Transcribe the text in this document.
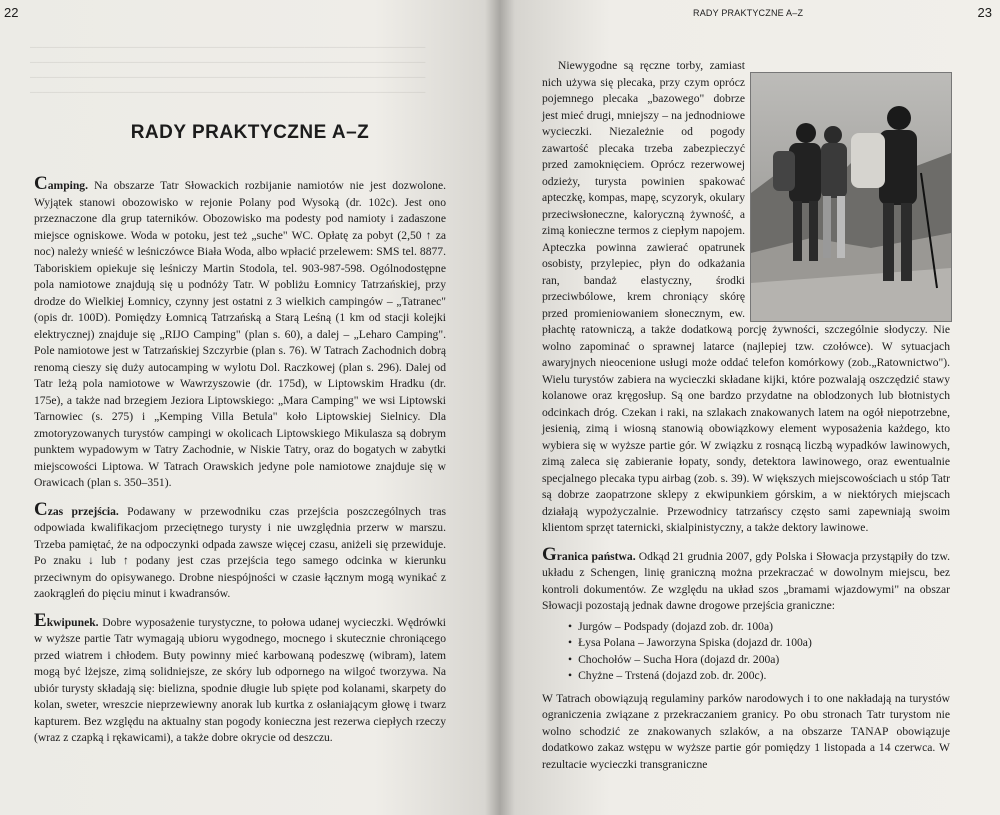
22
──────────────────────────────────────────────────────────────
──────────────────────────────────────────────────────────────
──────────────────────────────────────────────────────────────
──────────────────────────────────────────────────────────────
RADY PRAKTYCZNE A–Z

Camping. Na obszarze Tatr Słowackich rozbijanie namiotów nie jest dozwolone. Wyjątek stanowi obozowisko w rejonie Polany pod Wysoką (dr. 102c). Jest ono przeznaczone dla grup taterników. Obozowisko ma podesty pod namioty i zadaszone miejsce ogniskowe. Woda w potoku, jest też „suche" WC. Opłatę za pobyt (2,50 ↑ za noc) należy wnieść w leśniczówce Biała Woda, albo wpłacić przelewem: SMS tel. 8877. Taboriskiem opiekuje się leśniczy Martin Stodola, tel. 903-987-598. Ogólnodostępne pola namiotowe znajdują się u podnóży Tatr. W pobliżu Łomnicy Tatrzańskiej, przy drodze do Wielkiej Łomnicy, czynny jest ostatni z 3 wielkich campingów – „Tatranec" (opis dr. 100D). Pomiędzy Łomnicą Tatrzańską a Starą Leśną (1 km od stacji kolejki elektrycznej) znajduje się „RIJO Camping" (plan s. 60), a dalej – „Leharo Camping". Pole namiotowe jest w Tatrzańskiej Szczyrbie (plan s. 76). W Tatrach Zachodnich dobrą renomą cieszy się duży autocamping w wylotu Dol. Raczkowej (plan s. 296). Dalej od Tatr leżą pola namiotowe w Wawrzyszowie (dr. 175d), w Liptowskim Hradku (dr. 175e), a także nad brzegiem Jeziora Liptowskiego: „Mara Camping" we wsi Liptowski Tarnowiec (s. 275) i „Kemping Villa Betula" koło Liptowskiej Sielnicy. Dla zmotoryzowanych turystów campingi w okolicach Liptowskiego Mikulasza są dobrym punktem wypadowym w Tatry Zachodnie, w Niskie Tatry, oraz do bogatych w zabytki miejscowości Liptowa. W Tatrach Orawskich jedyne pole namiotowe znajduje się w Orawicach (plan s. 350–351).

Czas przejścia. Podawany w przewodniku czas przejścia poszczególnych tras odpowiada kwalifikacjom przeciętnego turysty i nie uwzględnia przerw w marszu. Trzeba pamiętać, że na odpoczynki odpada zawsze więcej czasu, aniżeli się przewiduje. Po znaku ↓ lub ↑ podany jest czas przejścia tego samego odcinka w kierunku przeciwnym do opisywanego. Drobne niespójności w czasie łącznym mogą wynikać z zaokrągleń do pięciu minut i kwadransów.

Ekwipunek. Dobre wyposażenie turystyczne, to połowa udanej wycieczki. Wędrówki w wyższe partie Tatr wymagają ubioru wygodnego, mocnego i skutecznie chroniącego przed wiatrem i chłodem. Buty powinny mieć karbowaną podeszwę (wibram), latem mogą być lżejsze, zimą solidniejsze, ze skóry lub odpornego na wilgoć tworzywa. Na ubiór turysty składają się: bielizna, spodnie długie lub spięte pod kolanami, skarpety do kolan, sweter, wreszcie nieprzewiewny anorak lub kurtka z osłaniającym głowę i twarz kapturem. Bez względu na aktualny stan pogody konieczna jest rezerwa ciepłych rzeczy (wraz z czapką i rękawicami), a także dobre okrycie od deszczu.

RADY PRAKTYCZNE A–Z	23

Niewygodne są ręczne torby, zamiast nich używa się plecaka, przy czym oprócz pojemnego plecaka „bazowego" dobrze jest mieć drugi, mniejszy – na jednodniowe wycieczki. Niezależnie od pogody zawartość plecaka trzeba zabezpieczyć przed zamoknięciem. Oprócz rezerwowej odzieży, turysta powinien spakować apteczkę, kompas, mapę, scyzoryk, okulary przeciwsłoneczne, kaloryczną żywność, a zimą konieczne termos z ciepłym napojem. Apteczka powinna zawierać opatrunek osobisty, przylepiec, płyn do odkażania ran, bandaż elastyczny, środki przeciwbólowe, krem chroniący skórę przed promieniowaniem słonecznym, ew. płachtę ratowniczą, a także dodatkową porcję żywności, szczególnie słodyczy. Nie wolno zapominać o sprawnej latarce (najlepiej tzw. czołówce). W sytuacjach awaryjnych nieocenione usługi może oddać telefon komórkowy (zob.„Ratownictwo"). Wielu turystów zabiera na wycieczki składane kijki, które pozwalają oszczędzić stawy kolanowe oraz kręgosłup. Są one bardzo przydatne na oblodzonych lub błotnistych odcinkach dróg. Czekan i raki, na szlakach znakowanych latem na ogół niepotrzebne, jesienią, zimą i wiosną stanowią obowiązkowy element wyposażenia każdego, kto wybiera się w wyższe partie gór. W związku z rosnącą liczbą wypadków lawinowych, zimą zaleca się zabieranie łopaty, sondy, detektora lawinowego, oraz ewentualnie specjalnego plecaka typu airbag (zob. s. 39). W większych miejscowościach u stóp Tatr są dobrze zaopatrzone sklepy z ekwipunkiem górskim, a w niektórych miejscach działają wypożyczalnie. Przewodnicy tatrzańscy często sami zapewniają swoim klientom sprzęt taternicki, skialpinistyczny, a także dektory lawinowe.

Granica państwa. Odkąd 21 grudnia 2007, gdy Polska i Słowacja przystąpiły do tzw. układu z Schengen, linię graniczną można przekraczać w dowolnym miejscu, bez kontroli dokumentów. Ze względu na układ szos „bramami wjazdowymi" na obszar Słowacji pozostają jednak dawne drogowe przejścia graniczne:

• Jurgów – Podspady (dojazd zob. dr. 100a)
• Łysa Polana – Jaworzyna Spiska (dojazd dr. 100a)
• Chochołów – Sucha Hora (dojazd dr. 200a)
• Chyżne – Trstená (dojazd zob. dr. 200c).

W Tatrach obowiązują regulaminy parków narodowych i to one nakładają na turystów ograniczenia związane z przekraczaniem granicy. Po obu stronach Tatr turystom nie wolno schodzić ze znakowanych szlaków, a na obszarze TANAP obowiązuje dodatkowo zakaz wstępu w wyższe partie gór pomiędzy 1 listopada a 14 czerwca. W rezultacie wycieczki transgraniczne
